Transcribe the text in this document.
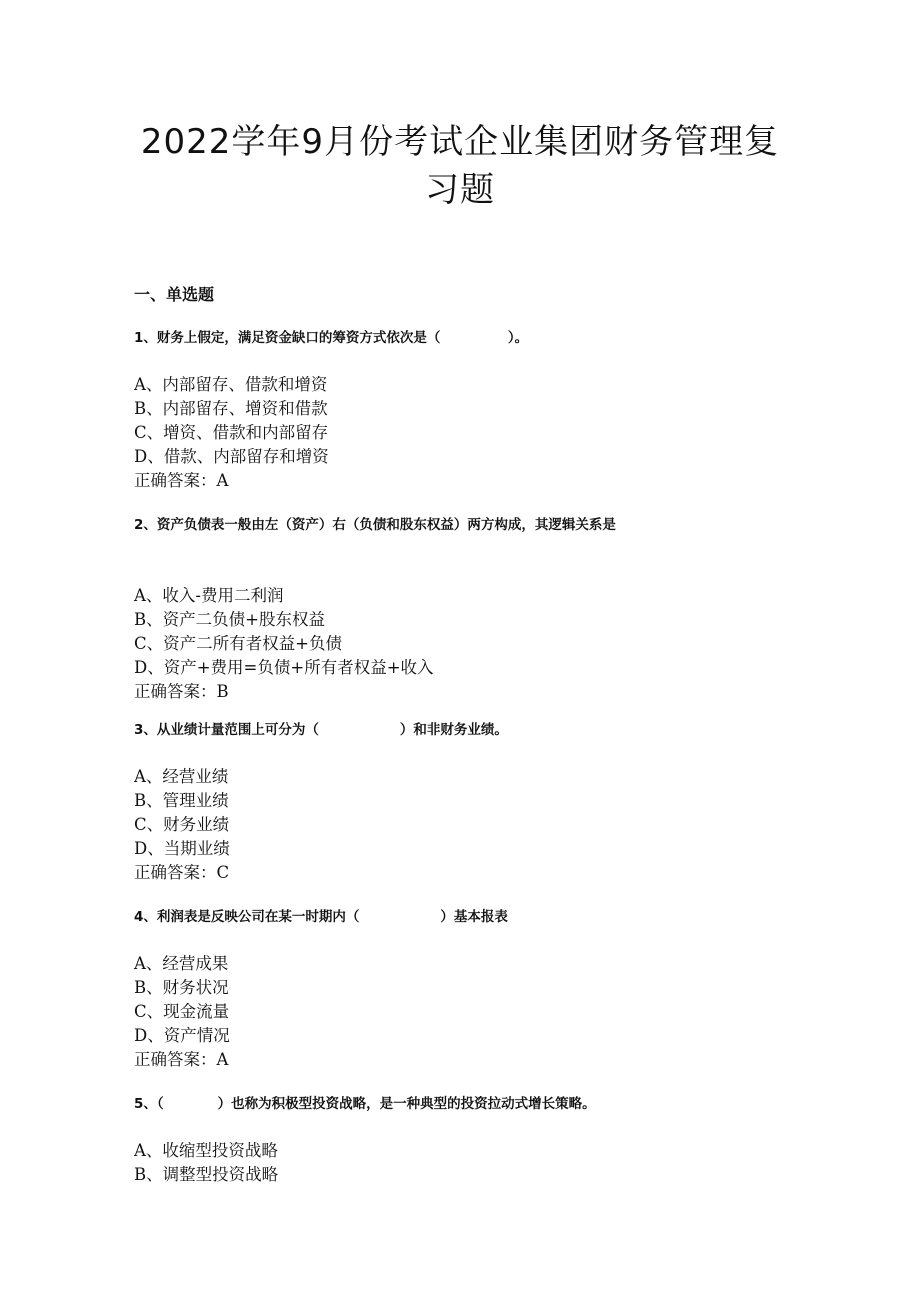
2022学年9月份考试企业集团财务管理复
习题
一、单选题
1、财务上假定，满足资金缺口的筹资方式依次是（　　　　　）。
A、内部留存、借款和增资
B、内部留存、增资和借款
C、增资、借款和内部留存
D、借款、内部留存和增资
正确答案：A
2、资产负债表一般由左（资产）右（负债和股东权益）两方构成，其逻辑关系是
A、收入-费用二利润
B、资产二负债+股东权益
C、资产二所有者权益+负债
D、资产+费用=负债+所有者权益+收入
正确答案：B
3、从业绩计量范围上可分为（　　　　　　）和非财务业绩。
A、经营业绩
B、管理业绩
C、财务业绩
D、当期业绩
正确答案：C
4、利润表是反映公司在某一时期内（　　　　　　）基本报表
A、经营成果
B、财务状况
C、现金流量
D、资产情况
正确答案：A
5、（　　　　）也称为积极型投资战略，是一种典型的投资拉动式增长策略。
A、收缩型投资战略
B、调整型投资战略
